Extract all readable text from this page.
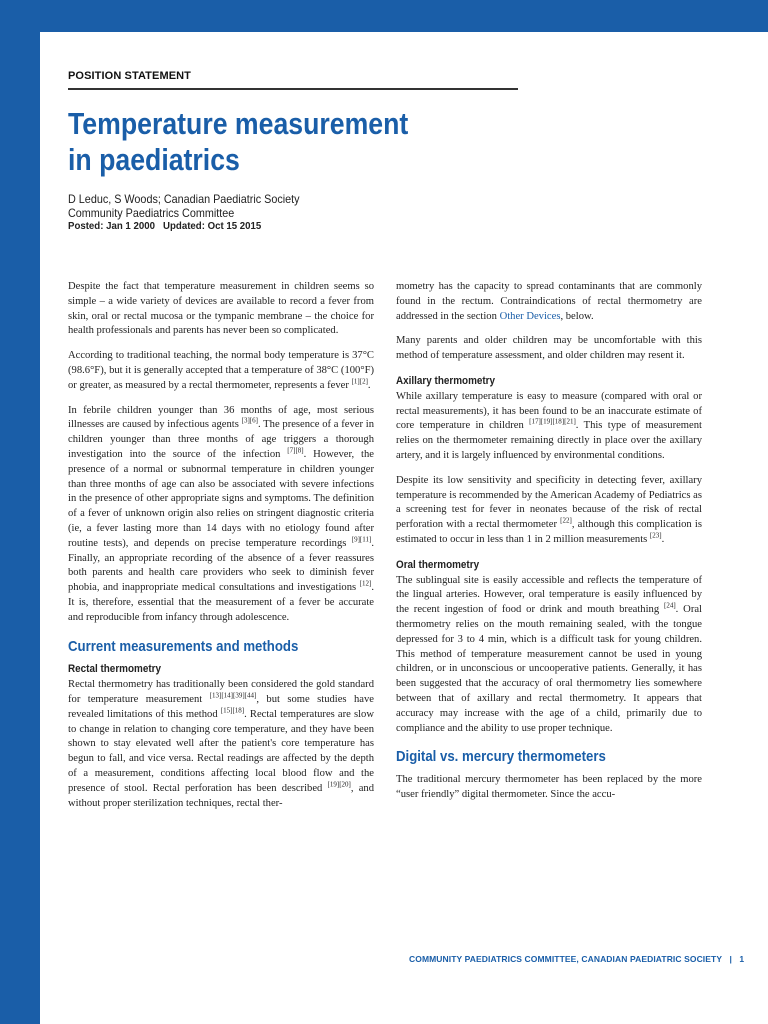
Canadian
Paediatric
Society
POSITION STATEMENT
Temperature measurement in paediatrics
D Leduc, S Woods; Canadian Paediatric Society
Community Paediatrics Committee
Posted: Jan 1 2000 Updated: Oct 15 2015

Despite the fact that temperature measurement in children seems so simple – a wide variety of devices are available to record a fever from skin, oral or rectal mucosa or the tympanic membrane – the choice for health professionals and parents has never been so complicated.

According to traditional teaching, the normal body temperature is 37°C (98.6°F), but it is generally accepted that a temperature of 38°C (100°F) or greater, as measured by a rectal thermometer, represents a fever [1][2].

In febrile children younger than 36 months of age, most serious illnesses are caused by infectious agents [3][6]. The presence of a fever in children younger than three months of age triggers a thorough investigation into the source of the infection [7][8]. However, the presence of a normal or subnormal temperature in children younger than three months of age can also be associated with severe infections in the presence of other appropriate signs and symptoms. The definition of a fever of unknown origin also relies on stringent diagnostic criteria (ie, a fever lasting more than 14 days with no etiology found after routine tests), and depends on precise temperature recordings [9][11]. Finally, an appropriate recording of the absence of a fever reassures both parents and health care providers who seek to diminish fever phobia, and inappropriate medical consultations and investigations [12]. It is, therefore, essential that the measurement of a fever be accurate and reproducible from infancy through adolescence.

Current measurements and methods
Rectal thermometry

Rectal thermometry has traditionally been considered the gold standard for temperature measurement [13][14][39][44], but some studies have revealed limitations of this method [15][18]. Rectal temperatures are slow to change in relation to changing core temperature, and they have been shown to stay elevated well after the patient's core temperature has begun to fall, and vice versa. Rectal readings are affected by the depth of a measurement, conditions affecting local blood flow and the presence of stool. Rectal perforation has been described [19][20], and without proper sterilization techniques, rectal ther-

mometry has the capacity to spread contaminants that are commonly found in the rectum. Contraindications of rectal thermometry are addressed in the section Other Devices, below.

Many parents and older children may be uncomfortable with this method of temperature assessment, and older children may resent it.

Axillary thermometry

While axillary temperature is easy to measure (compared with oral or rectal measurements), it has been found to be an inaccurate estimate of core temperature in children [17][19][18][21]. This type of measurement relies on the thermometer remaining directly in place over the axillary artery, and it is largely influenced by environmental conditions.

Despite its low sensitivity and specificity in detecting fever, axillary temperature is recommended by the American Academy of Pediatrics as a screening test for fever in neonates because of the risk of rectal perforation with a rectal thermometer [22], although this complication is estimated to occur in less than 1 in 2 million measurements [23].

Oral thermometry

The sublingual site is easily accessible and reflects the temperature of the lingual arteries. However, oral temperature is easily influenced by the recent ingestion of food or drink and mouth breathing [24]. Oral thermometry relies on the mouth remaining sealed, with the tongue depressed for 3 to 4 min, which is a difficult task for young children. This method of temperature measurement cannot be used in young children, or in unconscious or uncooperative patients. Generally, it has been suggested that the accuracy of oral thermometry lies somewhere between that of axillary and rectal thermometry. It appears that accuracy may increase with the age of a child, primarily due to compliance and the ability to use proper technique.

Digital vs. mercury thermometers

The traditional mercury thermometer has been replaced by the more “user friendly” digital thermometer. Since the accu-

COMMUNITY PAEDIATRICS COMMITTEE, CANADIAN PAEDIATRIC SOCIETY | 1
